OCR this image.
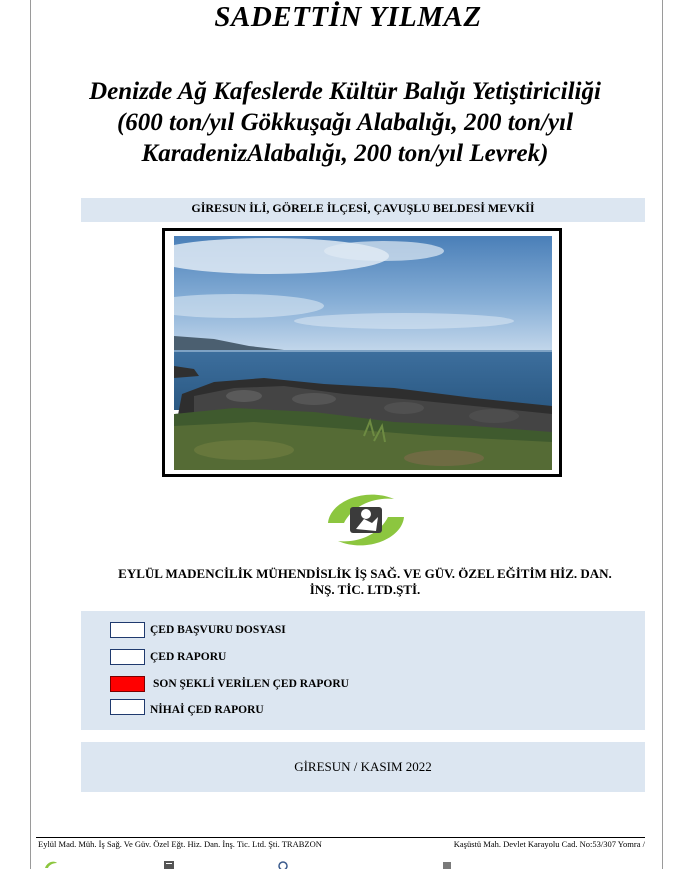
SADETTİN YILMAZ
Denizde Ağ Kafeslerde Kültür Balığı Yetiştiriciliği
(600 ton/yıl Gökkuşağı Alabalığı, 200 ton/yıl
KaradenizAlabalığı, 200 ton/yıl Levrek)
GİRESUN İLİ, GÖRELE İLÇESİ, ÇAVUŞLU BELDESİ MEVKİİ
EYLÜL MADENCİLİK MÜHENDİSLİK İŞ SAĞ. VE GÜV. ÖZEL EĞİTİM HİZ. DAN.
İNŞ. TİC. LTD.ŞTİ.
ÇED BAŞVURU DOSYASI
ÇED RAPORU
SON ŞEKLİ VERİLEN ÇED RAPORU
NİHAİ ÇED RAPORU
GİRESUN / KASIM 2022
Eylül Mad. Müh. İş Sağ. Ve Güv. Özel Eğt. Hiz. Dan. İnş. Tic. Ltd. Şti. TRABZON	Kaşüstü Mah. Devlet Karayolu Cad. No:53/307 Yomra /
